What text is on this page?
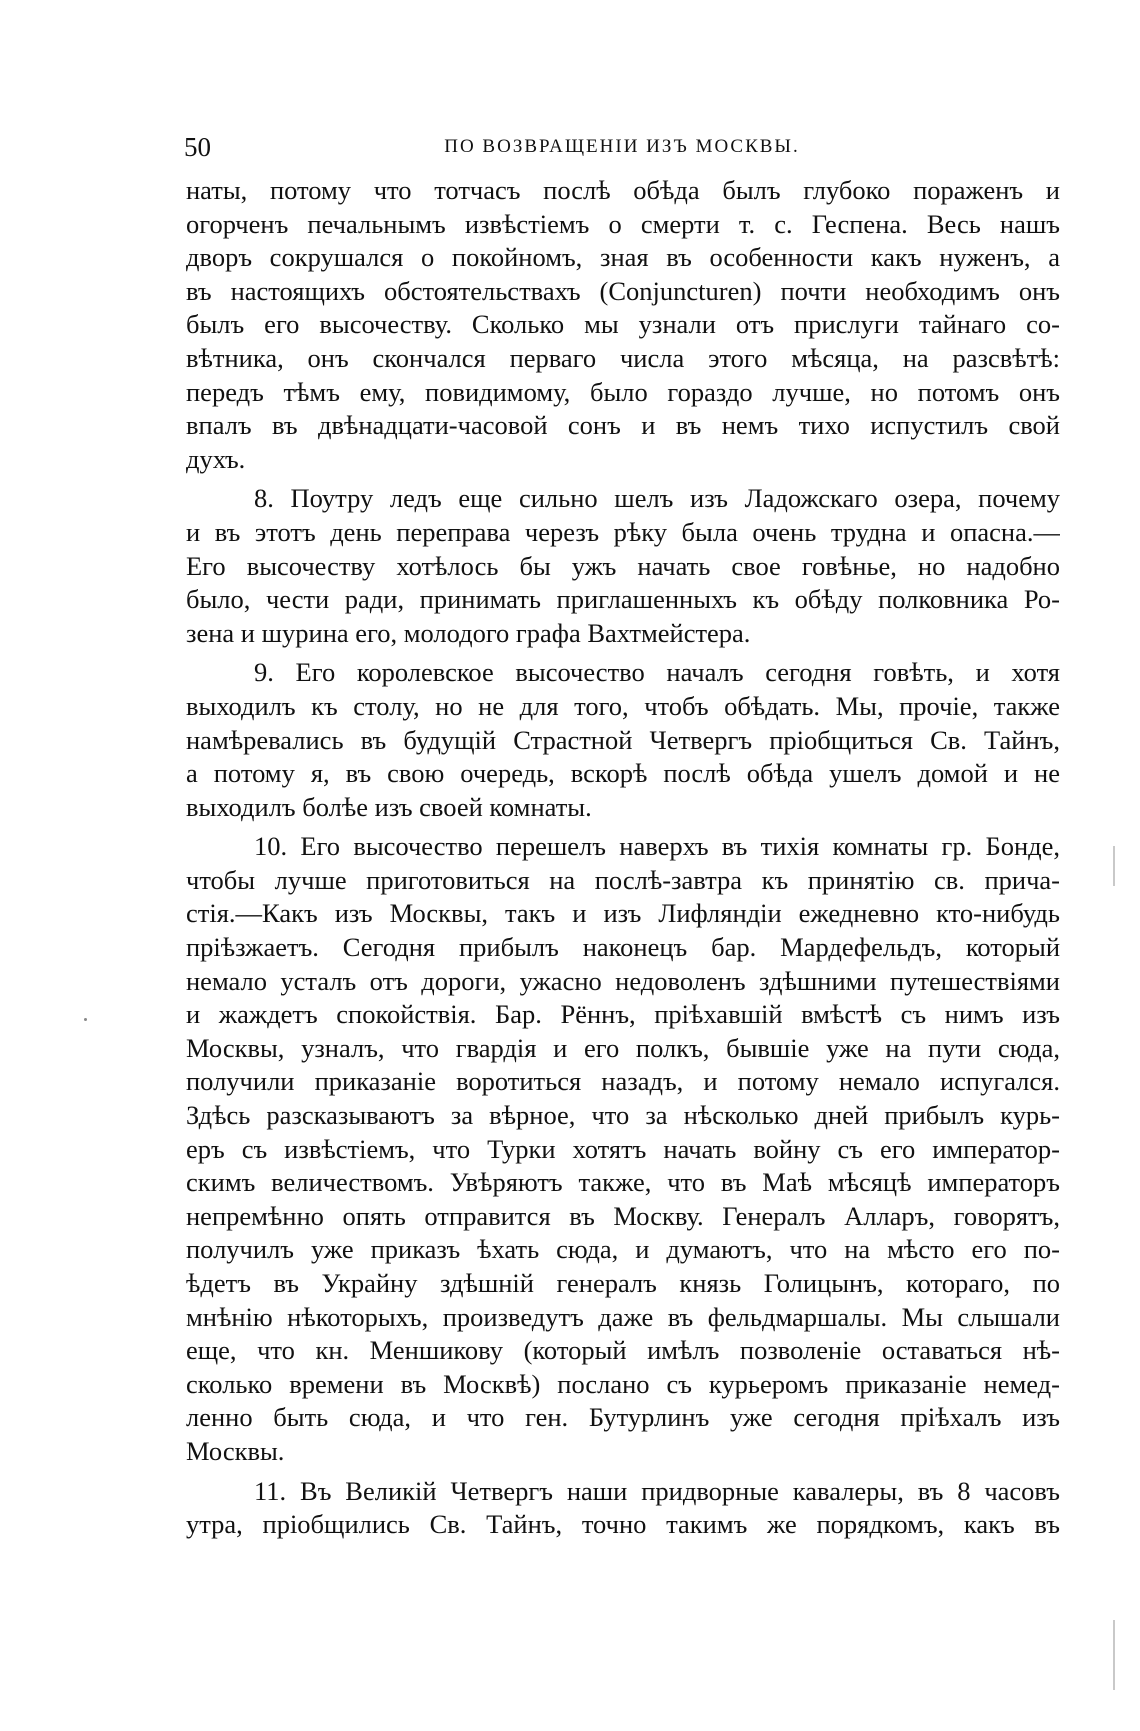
50	ПО ВОЗВРАЩЕНІИ ИЗЪ МОСКВЫ.
наты, потому что тотчасъ послѣ обѣда былъ глубоко пораженъ и
огорченъ печальнымъ извѣстіемъ о смерти т. с. Геспена. Весь нашъ
дворъ сокрушался о покойномъ, зная въ особенности какъ нуженъ, а
въ настоящихъ обстоятельствахъ (Conjuncturen) почти необходимъ онъ
былъ его высочеству. Сколько мы узнали отъ прислуги тайнаго со-
вѣтника, онъ скончался перваго числа этого мѣсяца, на разсвѣтѣ:
передъ тѣмъ ему, повидимому, было гораздо лучше, но потомъ онъ
впалъ въ двѣнадцати-часовой сонъ и въ немъ тихо испустилъ свой
духъ.
8. Поутру ледъ еще сильно шелъ изъ Ладожскаго озера, почему
и въ этотъ день переправа черезъ рѣку была очень трудна и опасна.—
Его высочеству хотѣлось бы ужъ начать свое говѣнье, но надобно
было, чести ради, принимать приглашенныхъ къ обѣду полковника Ро-
зена и шурина его, молодого графа Вахтмейстера.
9. Его королевское высочество началъ сегодня говѣть, и хотя
выходилъ къ столу, но не для того, чтобъ обѣдать. Мы, прочіе, также
намѣревались въ будущій Страстной Четвергъ пріобщиться Св. Тайнъ,
а потому я, въ свою очередь, вскорѣ послѣ обѣда ушелъ домой и не
выходилъ болѣе изъ своей комнаты.
10. Его высочество перешелъ наверхъ въ тихія комнаты гр. Бонде,
чтобы лучше приготовиться на послѣ-завтра къ принятію св. прича-
стія.—Какъ изъ Москвы, такъ и изъ Лифляндіи ежедневно кто-нибудь
пріѣзжаетъ. Сегодня прибылъ наконецъ бар. Мардефельдъ, который
немало усталъ отъ дороги, ужасно недоволенъ здѣшними путешествіями
и жаждетъ спокойствія. Бар. Рённъ, пріѣхавшій вмѣстѣ съ нимъ изъ
Москвы, узналъ, что гвардія и его полкъ, бывшіе уже на пути сюда,
получили приказаніе воротиться назадъ, и потому немало испугался.
Здѣсь разсказываютъ за вѣрное, что за нѣсколько дней прибылъ курь-
еръ съ извѣстіемъ, что Турки хотятъ начать войну съ его император-
скимъ величествомъ. Увѣряютъ также, что въ Маѣ мѣсяцѣ императоръ
непремѣнно опять отправится въ Москву. Генералъ Алларъ, говорятъ,
получилъ уже приказъ ѣхать сюда, и думаютъ, что на мѣсто его по-
ѣдетъ въ Украйну здѣшній генералъ князь Голицынъ, котораго, по
мнѣнію нѣкоторыхъ, произведутъ даже въ фельдмаршалы. Мы слышали
еще, что кн. Меншикову (который имѣлъ позволеніе оставаться нѣ-
сколько времени въ Москвѣ) послано съ курьеромъ приказаніе немед-
ленно быть сюда, и что ген. Бутурлинъ уже сегодня пріѣхалъ изъ
Москвы.
11. Въ Великій Четвергъ наши придворные кавалеры, въ 8 часовъ
утра, пріобщились Св. Тайнъ, точно такимъ же порядкомъ, какъ въ
